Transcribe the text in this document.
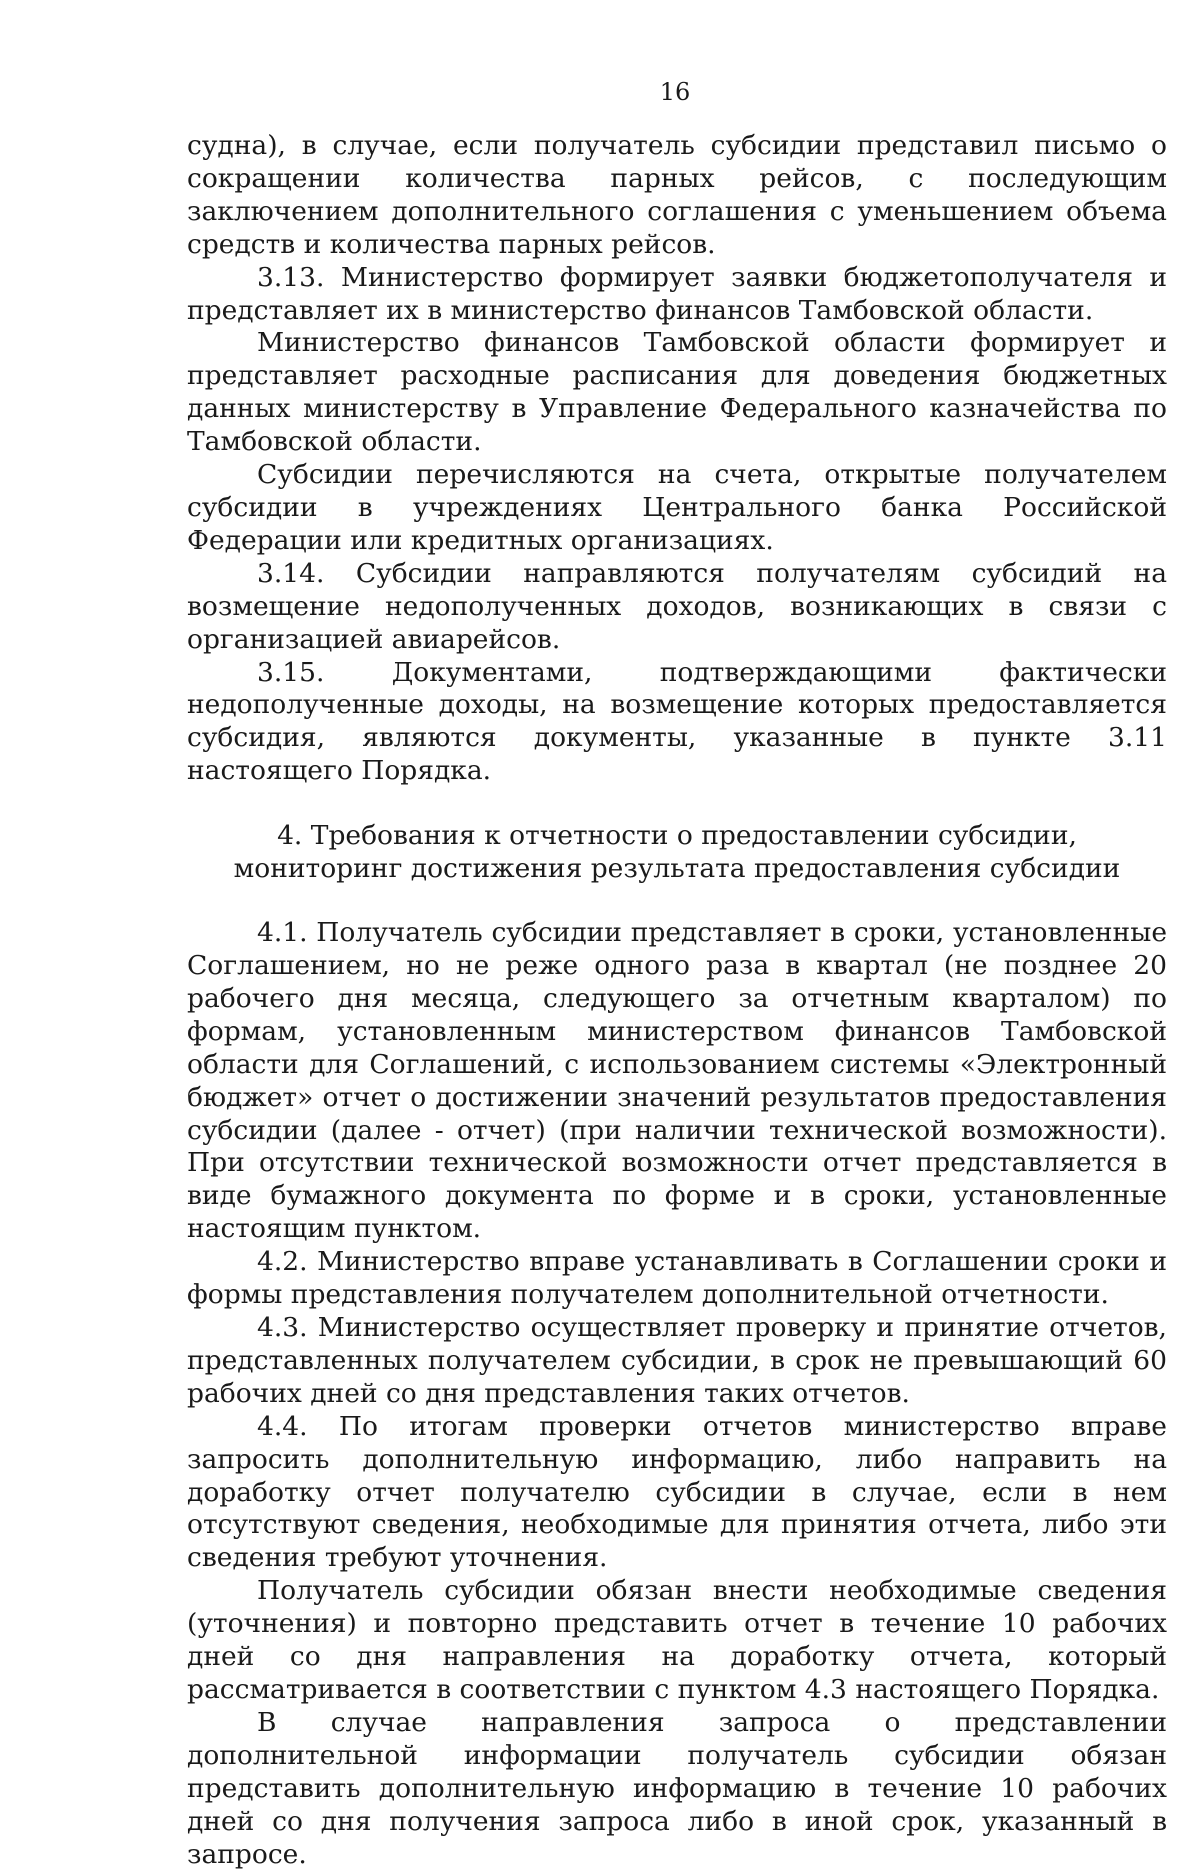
16

судна), в случае, если получатель субсидии представил письмо о сокращении количества парных рейсов, с последующим заключением дополнительного соглашения с уменьшением объема средств и количества парных рейсов.

3.13. Министерство формирует заявки бюджетополучателя и представляет их в министерство финансов Тамбовской области.

Министерство финансов Тамбовской области формирует и представляет расходные расписания для доведения бюджетных данных министерству в Управление Федерального казначейства по Тамбовской области.

Субсидии перечисляются на счета, открытые получателем субсидии в учреждениях Центрального банка Российской Федерации или кредитных организациях.

3.14. Субсидии направляются получателям субсидий на возмещение недополученных доходов, возникающих в связи с организацией авиарейсов.

3.15. Документами, подтверждающими фактически недополученные доходы, на возмещение которых предоставляется субсидия, являются документы, указанные в пункте 3.11 настоящего Порядка.

4. Требования к отчетности о предоставлении субсидии,
мониторинг достижения результата предоставления субсидии

4.1. Получатель субсидии представляет в сроки, установленные Соглашением, но не реже одного раза в квартал (не позднее 20 рабочего дня месяца, следующего за отчетным кварталом) по формам, установленным министерством финансов Тамбовской области для Соглашений, с использованием системы «Электронный бюджет» отчет о достижении значений результатов предоставления субсидии (далее - отчет) (при наличии технической возможности). При отсутствии технической возможности отчет представляется в виде бумажного документа по форме и в сроки, установленные настоящим пунктом.

4.2. Министерство вправе устанавливать в Соглашении сроки и формы представления получателем дополнительной отчетности.

4.3. Министерство осуществляет проверку и принятие отчетов, представленных получателем субсидии, в срок не превышающий 60 рабочих дней со дня представления таких отчетов.

4.4. По итогам проверки отчетов министерство вправе запросить дополнительную информацию, либо направить на доработку отчет получателю субсидии в случае, если в нем отсутствуют сведения, необходимые для принятия отчета, либо эти сведения требуют уточнения.

Получатель субсидии обязан внести необходимые сведения (уточнения) и повторно представить отчет в течение 10 рабочих дней со дня направления на доработку отчета, который рассматривается в соответствии с пунктом 4.3 настоящего Порядка.

В случае направления запроса о представлении дополнительной информации получатель субсидии обязан представить дополнительную информацию в течение 10 рабочих дней со дня получения запроса либо в иной срок, указанный в запросе.
